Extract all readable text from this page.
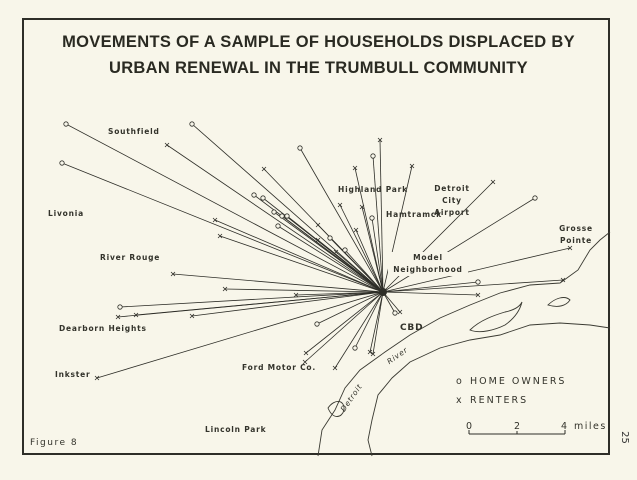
MOVEMENTS OF A SAMPLE OF HOUSEHOLDS DISPLACED BY
URBAN RENEWAL IN THE TRUMBULL COMMUNITY
Southfield
Livonia
River Rouge
Dearborn Heights
Inkster
Ford Motor Co.
Lincoln Park
Highland Park
Hamtramck
Detroit
City
Airport
Grosse
Pointe
Model
Neighborhood
CBD
River
Detroit
o HOME OWNERS
x RENTERS
0	2	4 miles
Figure 8	25
